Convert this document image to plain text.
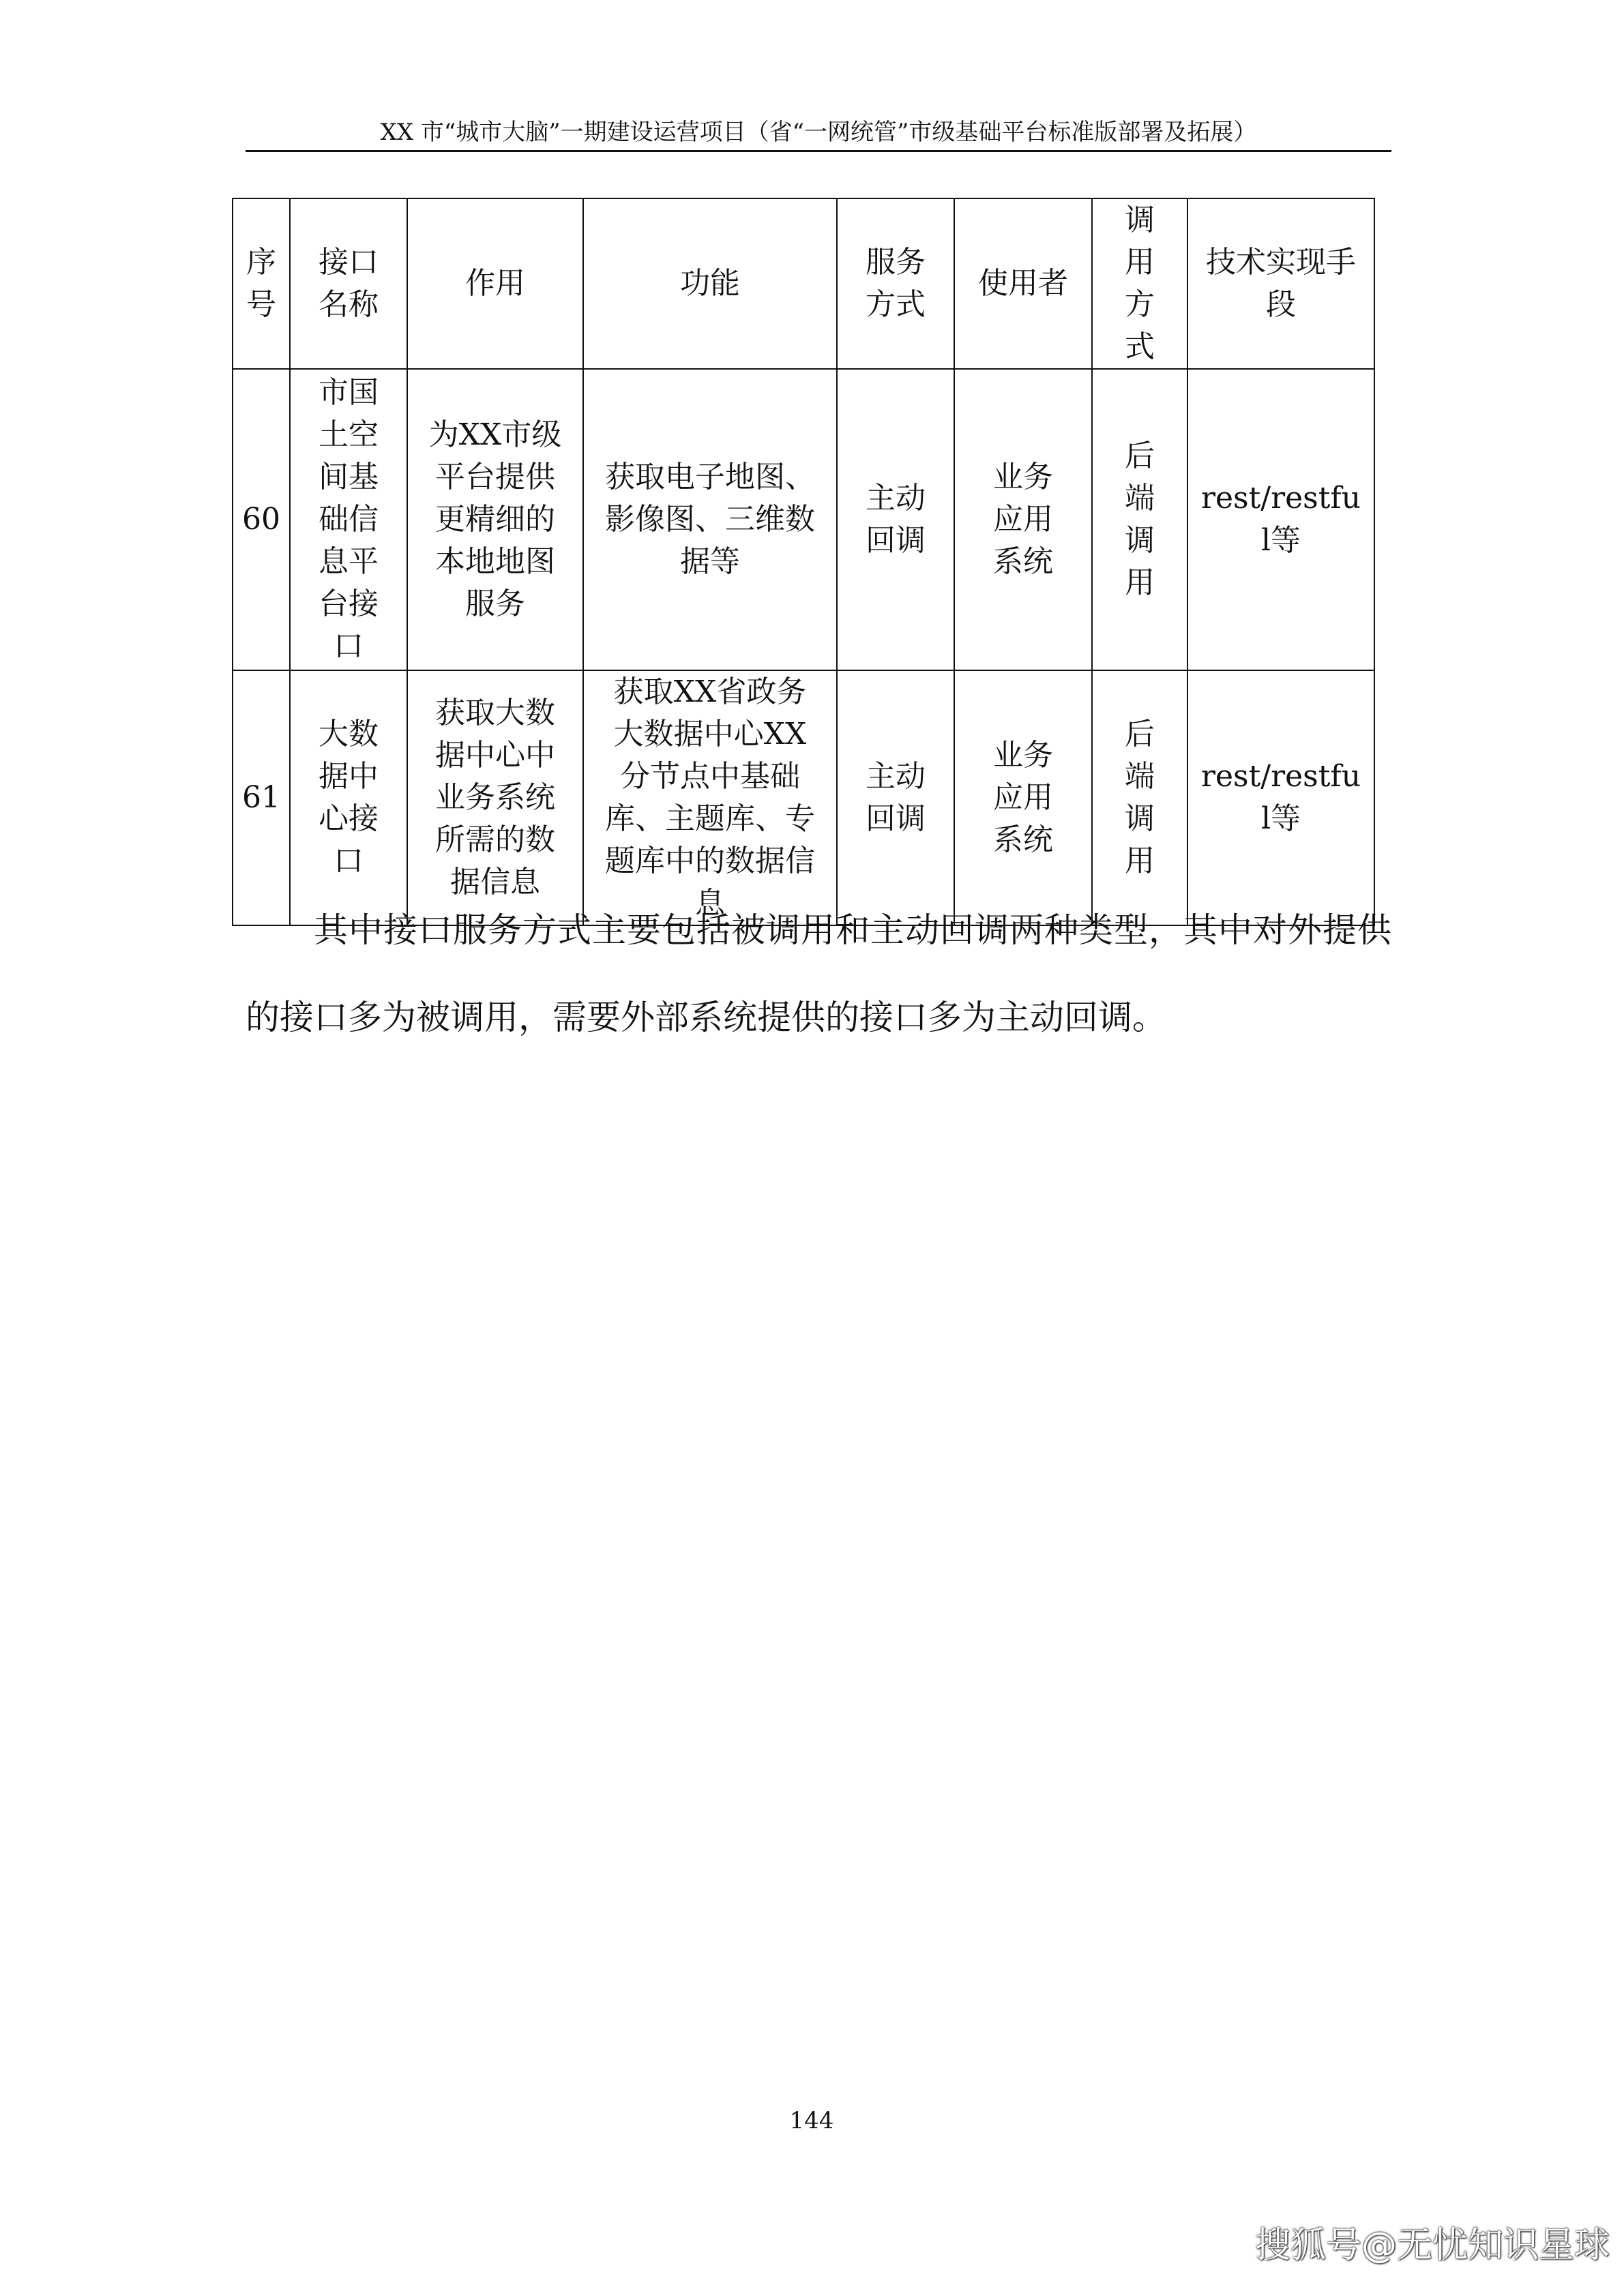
XX 市“城市大脑”一期建设运营项目（省“一网统管”市级基础平台标准版部署及拓展）
序号	接口名称	作用	功能	服务方式	使用者	调用方式	技术实现手段
60	市国土空间基础信息平台接口	为XX市级平台提供更精细的本地地图服务	获取电子地图、影像图、三维数据等	主动回调	业务应用系统	后端调用	rest/restful等
61	大数据中心接口	获取大数据中心中业务系统所需的数据信息	获取XX省政务大数据中心XX分节点中基础库、主题库、专题库中的数据信息	主动回调	业务应用系统	后端调用	rest/restful等

其中接口服务方式主要包括被调用和主动回调两种类型，其中对外提供的接口多为被调用，需要外部系统提供的接口多为主动回调。

144
搜狐号@无忧知识星球
